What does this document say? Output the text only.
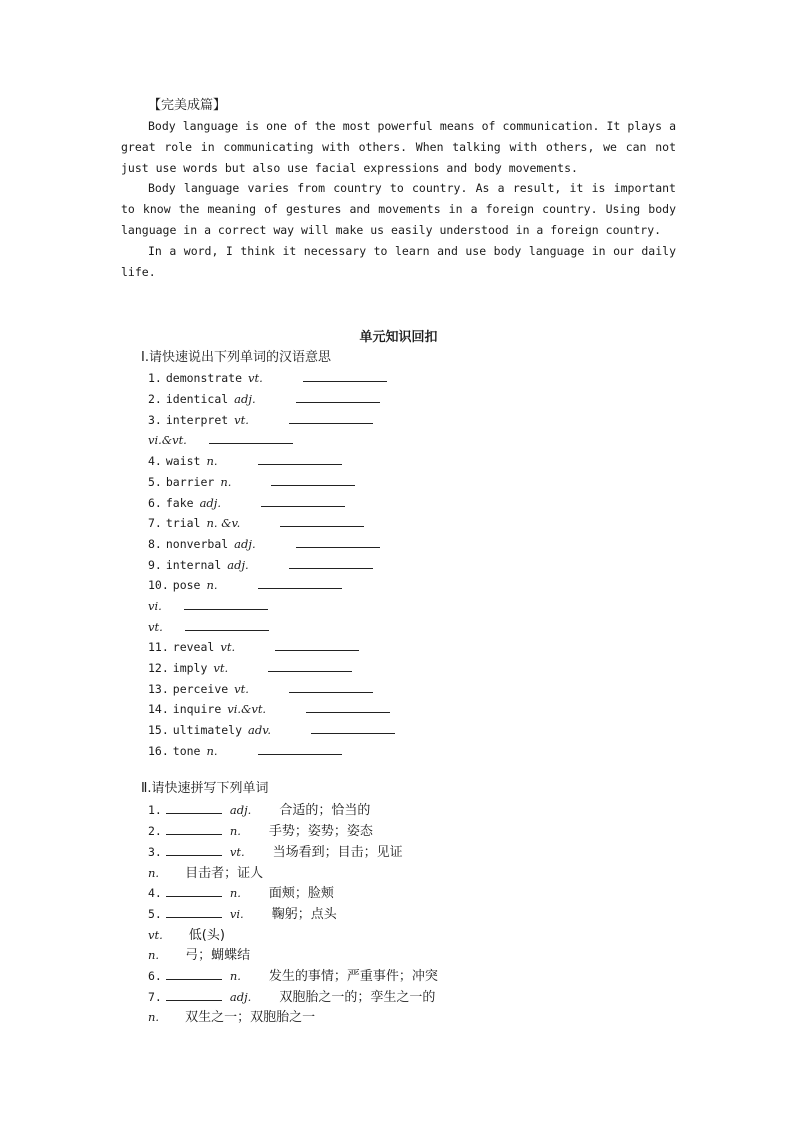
【完美成篇】

Body language is one of the most powerful means of communication. It plays a great role in communicating with others. When talking with others, we can not just use words but also use facial expressions and body movements.

Body language varies from country to country. As a result, it is important to know the meaning of gestures and movements in a foreign country. Using body language in a correct way will make us easily understood in a foreign country.

In a word, I think it necessary to learn and use body language in our daily life.

单元知识回扣
Ⅰ.请快速说出下列单词的汉语意思
1. demonstrate vt.
2. identical adj.
3. interpret vt.
vi.&vt.
4. waist n.
5. barrier n.
6. fake adj.
7. trial n. &v.
8. nonverbal adj.
9. internal adj.
10. pose n.
vi.
vt.
11. reveal vt.
12. imply vt.
13. perceive vt.
14. inquire vi.&vt.
15. ultimately adv.
16. tone n.
Ⅱ.请快速拼写下列单词
1.	adj. 合适的；恰当的
2.	n. 手势；姿势；姿态
3.	vt. 当场看到；目击；见证
n. 目击者；证人
4.	n. 面颊；脸颊
5.	vi. 鞠躬；点头
vt. 低(头)
n. 弓；蝴蝶结
6.	n. 发生的事情；严重事件；冲突
7.	adj. 双胞胎之一的；孪生之一的
n. 双生之一；双胞胎之一
